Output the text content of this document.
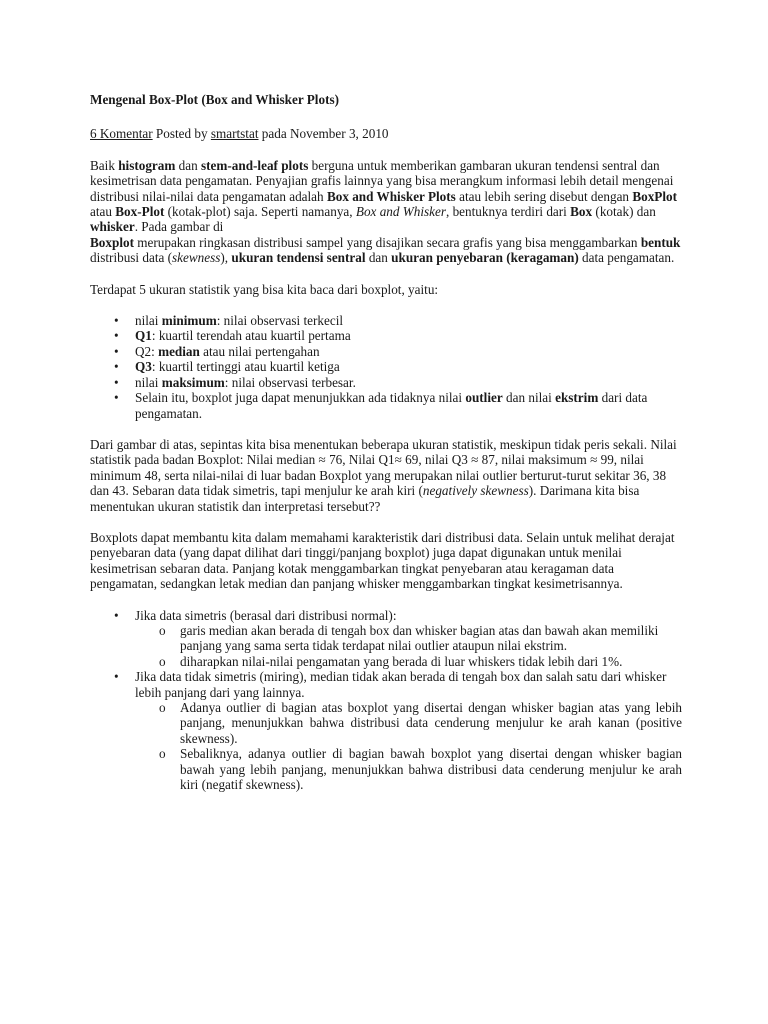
Mengenal Box-Plot (Box and Whisker Plots)
6 Komentar Posted by smartstat pada November 3, 2010

Baik histogram dan stem-and-leaf plots berguna untuk memberikan gambaran ukuran tendensi sentral dan kesimetrisan data pengamatan. Penyajian grafis lainnya yang bisa merangkum informasi lebih detail mengenai distribusi nilai-nilai data pengamatan adalah Box and Whisker Plots atau lebih sering disebut dengan BoxPlot atau Box-Plot (kotak-plot) saja. Seperti namanya, Box and Whisker, bentuknya terdiri dari Box (kotak) dan whisker. Pada gambar di

Boxplot merupakan ringkasan distribusi sampel yang disajikan secara grafis yang bisa menggambarkan bentuk distribusi data (skewness), ukuran tendensi sentral dan ukuran penyebaran (keragaman) data pengamatan.

Terdapat 5 ukuran statistik yang bisa kita baca dari boxplot, yaitu:

• nilai minimum: nilai observasi terkecil
• Q1: kuartil terendah atau kuartil pertama
• Q2: median atau nilai pertengahan
• Q3: kuartil tertinggi atau kuartil ketiga
• nilai maksimum: nilai observasi terbesar.
• Selain itu, boxplot juga dapat menunjukkan ada tidaknya nilai outlier dan nilai ekstrim dari data pengamatan.

Dari gambar di atas, sepintas kita bisa menentukan beberapa ukuran statistik, meskipun tidak peris sekali. Nilai statistik pada badan Boxplot: Nilai median ≈ 76, Nilai Q1≈ 69, nilai Q3 ≈ 87, nilai maksimum ≈ 99, nilai minimum 48, serta nilai-nilai di luar badan Boxplot yang merupakan nilai outlier berturut-turut sekitar 36, 38 dan 43. Sebaran data tidak simetris, tapi menjulur ke arah kiri (negatively skewness). Darimana kita bisa menentukan ukuran statistik dan interpretasi tersebut??

Boxplots dapat membantu kita dalam memahami karakteristik dari distribusi data. Selain untuk melihat derajat penyebaran data (yang dapat dilihat dari tinggi/panjang boxplot) juga dapat digunakan untuk menilai kesimetrisan sebaran data. Panjang kotak menggambarkan tingkat penyebaran atau keragaman data pengamatan, sedangkan letak median dan panjang whisker menggambarkan tingkat kesimetrisannya.

• Jika data simetris (berasal dari distribusi normal):
o garis median akan berada di tengah box dan whisker bagian atas dan bawah akan memiliki panjang yang sama serta tidak terdapat nilai outlier ataupun nilai ekstrim.
o diharapkan nilai-nilai pengamatan yang berada di luar whiskers tidak lebih dari 1%.
• Jika data tidak simetris (miring), median tidak akan berada di tengah box dan salah satu dari whisker lebih panjang dari yang lainnya.
o Adanya outlier di bagian atas boxplot yang disertai dengan whisker bagian atas yang lebih panjang, menunjukkan bahwa distribusi data cenderung menjulur ke arah kanan (positive skewness).
o Sebaliknya, adanya outlier di bagian bawah boxplot yang disertai dengan whisker bagian bawah yang lebih panjang, menunjukkan bahwa distribusi data cenderung menjulur ke arah kiri (negatif skewness).
